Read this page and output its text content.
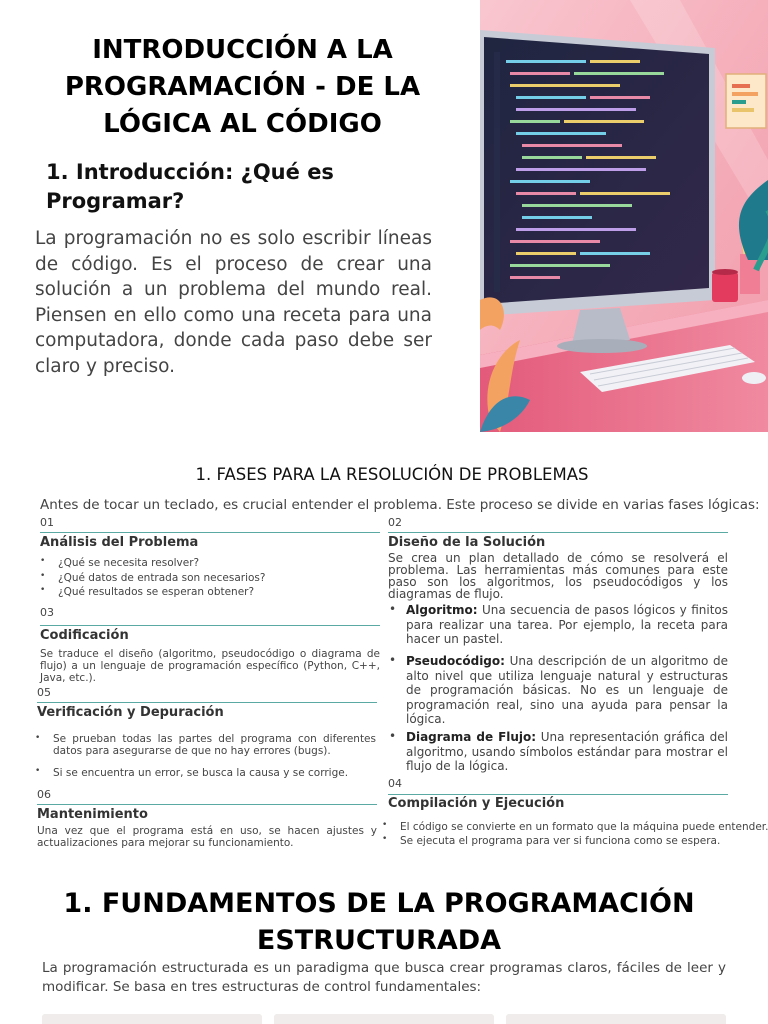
INTRODUCCIÓN A LA PROGRAMACIÓN - DE LA LÓGICA AL CÓDIGO
1. Introducción: ¿Qué es Programar?

La programación no es solo escribir líneas de código. Es el proceso de crear una solución a un problema del mundo real. Piensen en ello como una receta para una computadora, donde cada paso debe ser claro y preciso.

1. FASES PARA LA RESOLUCIÓN DE PROBLEMAS
Antes de tocar un teclado, es crucial entender el problema. Este proceso se divide en varias fases lógicas:
01
Análisis del Problema
• ¿Qué se necesita resolver?
• ¿Qué datos de entrada son necesarios?
• ¿Qué resultados se esperan obtener?
03
Codificación
Se traduce el diseño (algoritmo, pseudocódigo o diagrama de flujo) a un lenguaje de programación específico (Python, C++, Java, etc.).
05
Verificación y Depuración
• Se prueban todas las partes del programa con diferentes datos para asegurarse de que no hay errores (bugs).
• Si se encuentra un error, se busca la causa y se corrige.
06
Mantenimiento
Una vez que el programa está en uso, se hacen ajustes y actualizaciones para mejorar su funcionamiento.
02
Diseño de la Solución
Se crea un plan detallado de cómo se resolverá el problema. Las herramientas más comunes para este paso son los algoritmos, los pseudocódigos y los diagramas de flujo.
• Algoritmo: Una secuencia de pasos lógicos y finitos para realizar una tarea. Por ejemplo, la receta para hacer un pastel.
• Pseudocódigo: Una descripción de un algoritmo de alto nivel que utiliza lenguaje natural y estructuras de programación básicas. No es un lenguaje de programación real, sino una ayuda para pensar la lógica.
• Diagrama de Flujo: Una representación gráfica del algoritmo, usando símbolos estándar para mostrar el flujo de la lógica.
04
Compilación y Ejecución
• El código se convierte en un formato que la máquina puede entender.
• Se ejecuta el programa para ver si funciona como se espera.
1. FUNDAMENTOS DE LA PROGRAMACIÓN ESTRUCTURADA

La programación estructurada es un paradigma que busca crear programas claros, fáciles de leer y modificar. Se basa en tres estructuras de control fundamentales:
